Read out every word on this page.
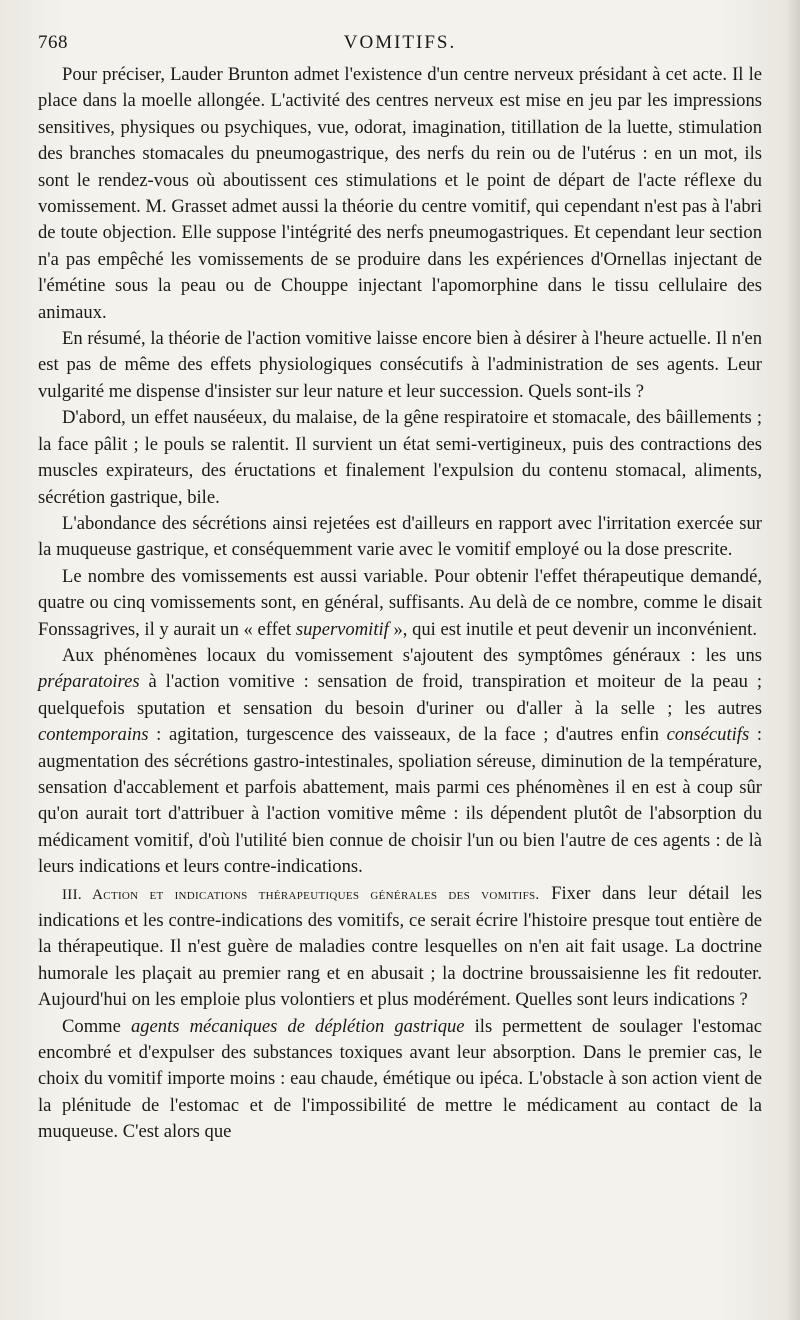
768	VOMITIFS.

Pour préciser, Lauder Brunton admet l'existence d'un centre nerveux présidant à cet acte. Il le place dans la moelle allongée. L'activité des centres nerveux est mise en jeu par les impressions sensitives, physiques ou psychiques, vue, odorat, imagination, titillation de la luette, stimulation des branches stomacales du pneumogastrique, des nerfs du rein ou de l'utérus : en un mot, ils sont le rendez-vous où aboutissent ces stimulations et le point de départ de l'acte réflexe du vomissement. M. Grasset admet aussi la théorie du centre vomitif, qui cependant n'est pas à l'abri de toute objection. Elle suppose l'intégrité des nerfs pneumogastriques. Et cependant leur section n'a pas empêché les vomissements de se produire dans les expériences d'Ornellas injectant de l'émétine sous la peau ou de Chouppe injectant l'apomorphine dans le tissu cellulaire des animaux.

En résumé, la théorie de l'action vomitive laisse encore bien à désirer à l'heure actuelle. Il n'en est pas de même des effets physiologiques consécutifs à l'administration de ses agents. Leur vulgarité me dispense d'insister sur leur nature et leur succession. Quels sont-ils ?

D'abord, un effet nauséeux, du malaise, de la gêne respiratoire et stomacale, des bâillements ; la face pâlit ; le pouls se ralentit. Il survient un état semi-vertigineux, puis des contractions des muscles expirateurs, des éructations et finalement l'expulsion du contenu stomacal, aliments, sécrétion gastrique, bile.

L'abondance des sécrétions ainsi rejetées est d'ailleurs en rapport avec l'irritation exercée sur la muqueuse gastrique, et conséquemment varie avec le vomitif employé ou la dose prescrite.

Le nombre des vomissements est aussi variable. Pour obtenir l'effet thérapeutique demandé, quatre ou cinq vomissements sont, en général, suffisants. Au delà de ce nombre, comme le disait Fonssagrives, il y aurait un « effet supervomitif », qui est inutile et peut devenir un inconvénient.

Aux phénomènes locaux du vomissement s'ajoutent des symptômes généraux : les uns préparatoires à l'action vomitive : sensation de froid, transpiration et moiteur de la peau ; quelquefois sputation et sensation du besoin d'uriner ou d'aller à la selle ; les autres contemporains : agitation, turgescence des vaisseaux, de la face ; d'autres enfin consécutifs : augmentation des sécrétions gastro-intestinales, spoliation séreuse, diminution de la température, sensation d'accablement et parfois abattement, mais parmi ces phénomènes il en est à coup sûr qu'on aurait tort d'attribuer à l'action vomitive même : ils dépendent plutôt de l'absorption du médicament vomitif, d'où l'utilité bien connue de choisir l'un ou bien l'autre de ces agents : de là leurs indications et leurs contre-indications.

III. Action et indications thérapeutiques générales des vomitifs. Fixer dans leur détail les indications et les contre-indications des vomitifs, ce serait écrire l'histoire presque tout entière de la thérapeutique. Il n'est guère de maladies contre lesquelles on n'en ait fait usage. La doctrine humorale les plaçait au premier rang et en abusait ; la doctrine broussaisienne les fit redouter. Aujourd'hui on les emploie plus volontiers et plus modérément. Quelles sont leurs indications ?

Comme agents mécaniques de déplétion gastrique ils permettent de soulager l'estomac encombré et d'expulser des substances toxiques avant leur absorption. Dans le premier cas, le choix du vomitif importe moins : eau chaude, émétique ou ipéca. L'obstacle à son action vient de la plénitude de l'estomac et de l'impossibilité de mettre le médicament au contact de la muqueuse. C'est alors que
